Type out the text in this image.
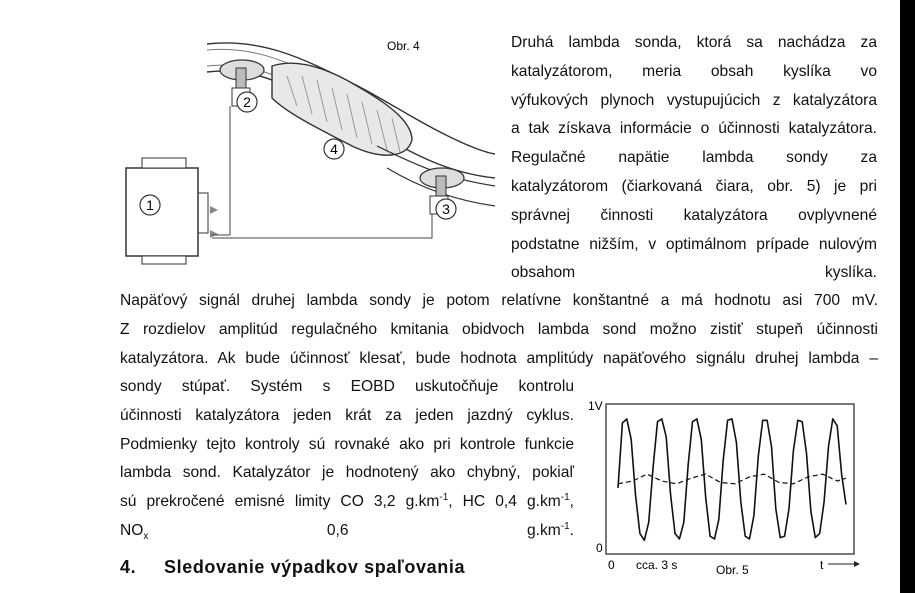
1
2
3
4
Obr. 4	Druhá lambda sonda, ktorá sa nachádza za
katalyzátorom, meria obsah kyslíka vo
výfukových plynoch vystupujúcich z katalyzátora
a tak získava informácie o účinnosti katalyzátora.
Regulačné napätie lambda sondy za
katalyzátorom (čiarkovaná čiara, obr. 5) je pri
správnej činnosti katalyzátora ovplyvnené
podstatne nižším, v optimálnom prípade nulovým
obsahom kyslíka.
Napäťový signál druhej lambda sondy je potom relatívne konštantné a má hodnotu asi 700 mV.
Z rozdielov amplitúd regulačného kmitania obidvoch lambda sond možno zistiť stupeň účinnosti
katalyzátora. Ak bude účinnosť klesať, bude hodnota amplitúdy napäťového signálu druhej lambda –
sondy stúpať. Systém s EOBD uskutočňuje kontrolu
účinnosti katalyzátora jeden krát za jeden jazdný cyklus.
Podmienky tejto kontroly sú rovnaké ako pri kontrole funkcie
lambda sond. Katalyzátor je hodnotený ako chybný, pokiaľ
sú prekročené emisné limity CO 3,2 $g.km^{-1}$, HC 0,4 $g.km^{-1}$,
$NO_x$ 0,6 $g.km^{-1}$.
1V
0
0 cca. 3 s	Obr. 5	t
4. Sledovanie výpadkov spaľovania
